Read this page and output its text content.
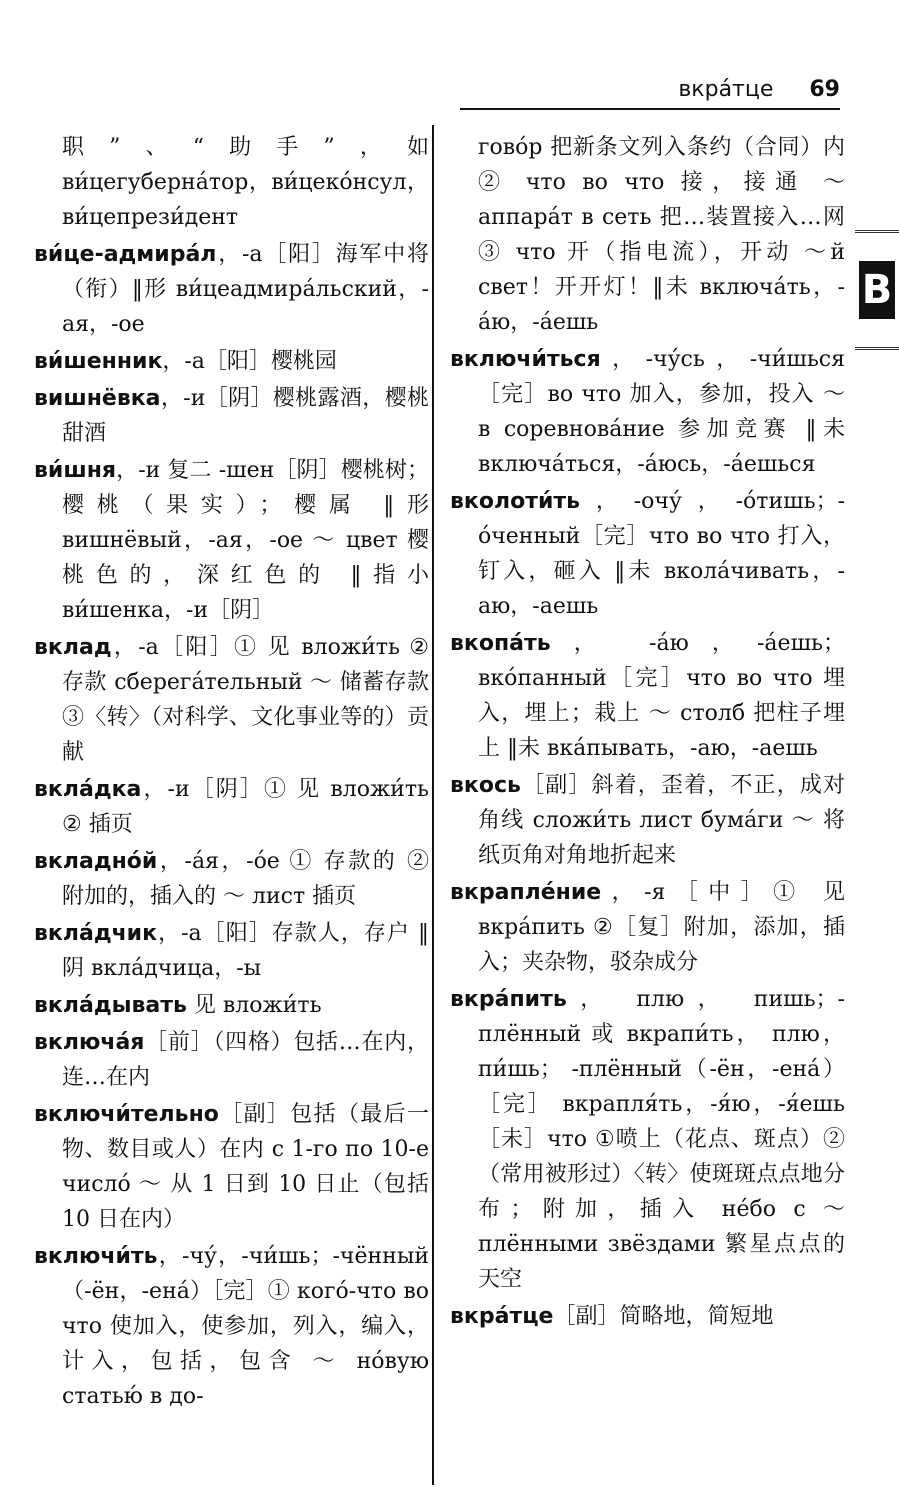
вкра́тце 69
В

职”、“助手”，如 ви́цегуберна́тор，ви́цеко́нсул， ви́цепрези́дент

ви́це-адмира́л，-а［阳］海军中将（衔）‖形 ви́цеадмира́льский，-ая，-ое

ви́шенник，-а［阳］樱桃园

вишнёвка，-и［阴］樱桃露酒，樱桃甜酒

ви́шня，-и 复二 -шен［阴］樱桃树；樱桃（果实）；樱属 ‖形 вишнёвый，-ая，-ое ～ цвет 樱桃色的，深红色的 ‖指小 ви́шенка，-и［阴］

вклад，-а［阳］① 见 вложи́ть ② 存款 сберега́тельный ～ 储蓄存款 ③〈转〉（对科学、文化事业等的）贡献

вкла́дка，-и［阴］① 见 вложи́ть ② 插页

вкладно́й，-а́я，-о́е ① 存款的 ② 附加的，插入的 ～ лист 插页

вкла́дчик，-а［阳］存款人，存户 ‖阴 вкла́дчица，-ы

вкла́дывать 见 вложи́ть

включа́я［前］（四格）包括…在内，连…在内

включи́тельно［副］包括（最后一物、数目或人）在内 с 1-го по 10-е число́ ～ 从 1 日到 10 日止（包括 10 日在内）

включи́ть，-чу́，-чи́шь；-чённый（-ён，-ена́）［完］① кого́-что во что 使加入，使参加，列入，编入，计入，包括，包含 ～ но́вую статью́ в до-

гово́р 把新条文列入条约（合同）内 ② что во что 接，接通 ～ аппара́т в сеть 把…装置接入…网 ③ что 开（指电流），开动 ～й свет！开开灯！‖未 включа́ть，-а́ю，-а́ешь

включи́ться，-чу́сь，-чи́шься［完］во что 加入，参加，投入 ～ в соревнова́ние 参加竞赛 ‖未 включа́ться，-а́юсь，-а́ешься

вколоти́ть，-очу́，-о́тишь；-о́ченный［完］что во что 打入，钉入，砸入 ‖未 вкола́чивать，-аю，-аешь

вкопа́ть， -а́ю，-а́ешь；вко́панный［完］что во что 埋入，埋上；栽上 ～ столб 把柱子埋上 ‖未 вка́пывать，-аю，-аешь

вкось［副］斜着，歪着，不正，成对角线 сложи́ть лист бума́ги ～ 将纸页角对角地折起来

вкрапле́ние，-я［中］① 见 вкра́пить ②［复］附加，添加，插入；夹杂物，驳杂成分

вкра́пить， плю， пишь；-плённый 或 вкрапи́ть， плю， пи́шь； -плённый（-ён，-ена́）［完］ вкрапля́ть，-я́ю，-я́ешь［未］что ①喷上（花点、斑点）②（常用被形过）〈转〉使斑斑点点地分布；附加，插入 не́бо с ～ плёнными звёздами 繁星点点的天空

вкра́тце［副］简略地，简短地
